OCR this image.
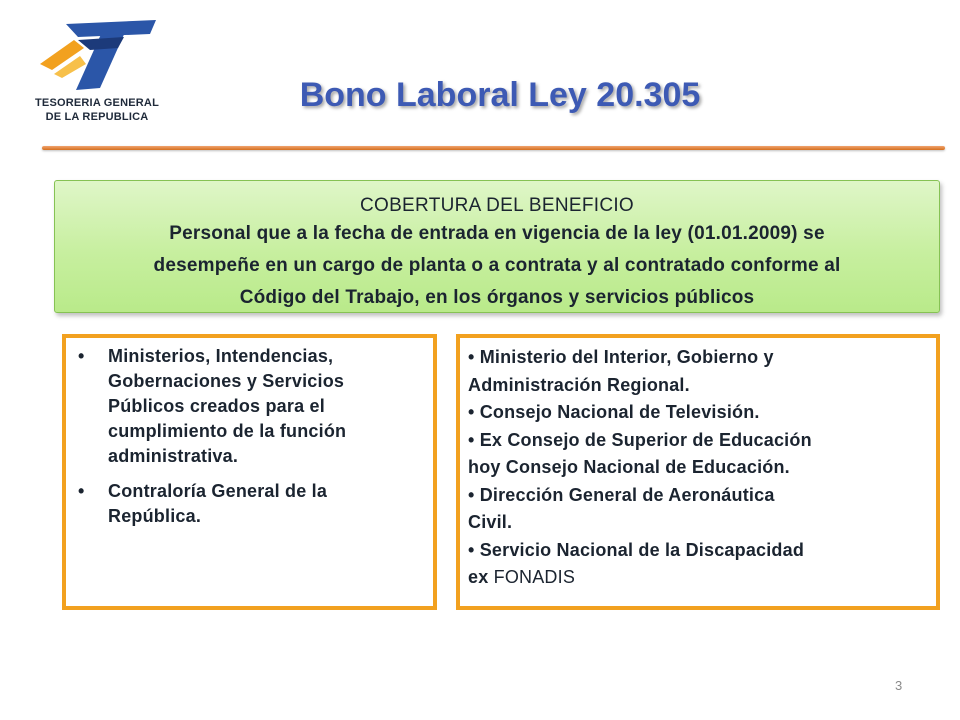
TESORERIA GENERAL
DE LA REPUBLICA
Bono Laboral Ley 20.305
COBERTURA DEL BENEFICIO
Personal que a la fecha de entrada en vigencia de la ley (01.01.2009) se
desempeñe en un cargo de planta o a contrata y al contratado conforme al
Código del Trabajo, en los órganos y servicios públicos
• Ministerios, Intendencias,
Gobernaciones y Servicios
Públicos creados para el
cumplimiento de la función
administrativa.
• Contraloría General de la
República.
• Ministerio del Interior, Gobierno y
Administración Regional.
• Consejo Nacional de Televisión.
• Ex Consejo de Superior de Educación
hoy Consejo Nacional de Educación.
• Dirección General de Aeronáutica
Civil.
• Servicio Nacional de la Discapacidad
ex FONADIS
3
